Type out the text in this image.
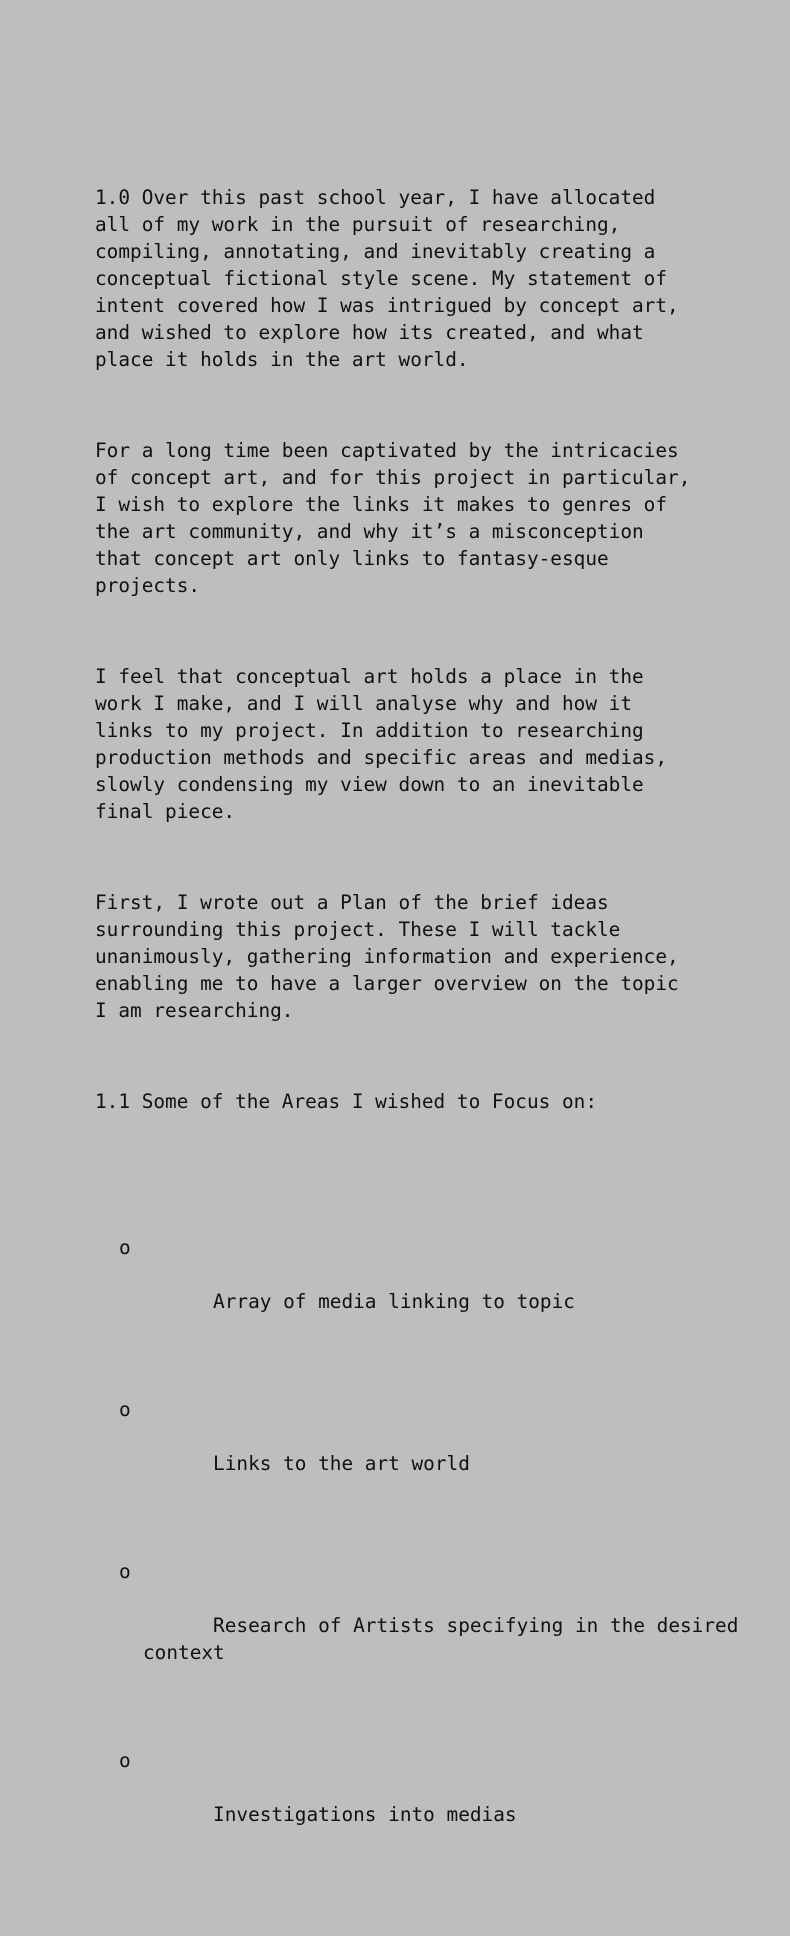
1.0 Over this past school year, I have allocated
all of my work in the pursuit of researching,
compiling, annotating, and inevitably creating a
conceptual fictional style scene. My statement of
intent covered how I was intrigued by concept art,
and wished to explore how its created, and what
place it holds in the art world.

For a long time been captivated by the intricacies
of concept art, and for this project in particular,
I wish to explore the links it makes to genres of
the art community, and why it’s a misconception
that concept art only links to fantasy-esque
projects.

I feel that conceptual art holds a place in the
work I make, and I will analyse why and how it
links to my project. In addition to researching
production methods and specific areas and medias,
slowly condensing my view down to an inevitable
final piece.

First, I wrote out a Plan of the brief ideas
surrounding this project. These I will tackle
unanimously, gathering information and experience,
enabling me to have a larger overview on the topic
I am researching.

1.1 Some of the Areas I wished to Focus on:

o

Array of media linking to topic

o

Links to the art world

o

Research of Artists specifying in the desired
context

o

Investigations into medias
